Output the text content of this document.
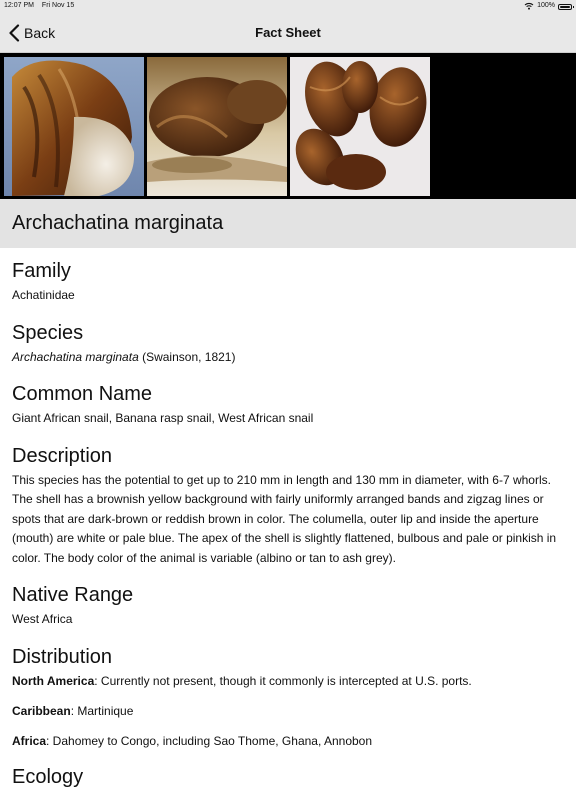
12:07 PM Fri Nov 15	100%
Back	Fact Sheet
Archachatina marginata
Family

Achatinidae

Species

Archachatina marginata (Swainson, 1821)

Common Name

Giant African snail, Banana rasp snail, West African snail

Description

This species has the potential to get up to 210 mm in length and 130 mm in diameter, with 6-7 whorls. The shell has a brownish yellow background with fairly uniformly arranged bands and zigzag lines or spots that are dark-brown or reddish brown in color. The columella, outer lip and inside the aperture (mouth) are white or pale blue. The apex of the shell is slightly flattened, bulbous and pale or pinkish in color. The body color of the animal is variable (albino or tan to ash grey).

Native Range

West Africa

Distribution

North America: Currently not present, though it commonly is intercepted at U.S. ports.

Caribbean: Martinique

Africa: Dahomey to Congo, including Sao Thome, Ghana, Annobon

Ecology
